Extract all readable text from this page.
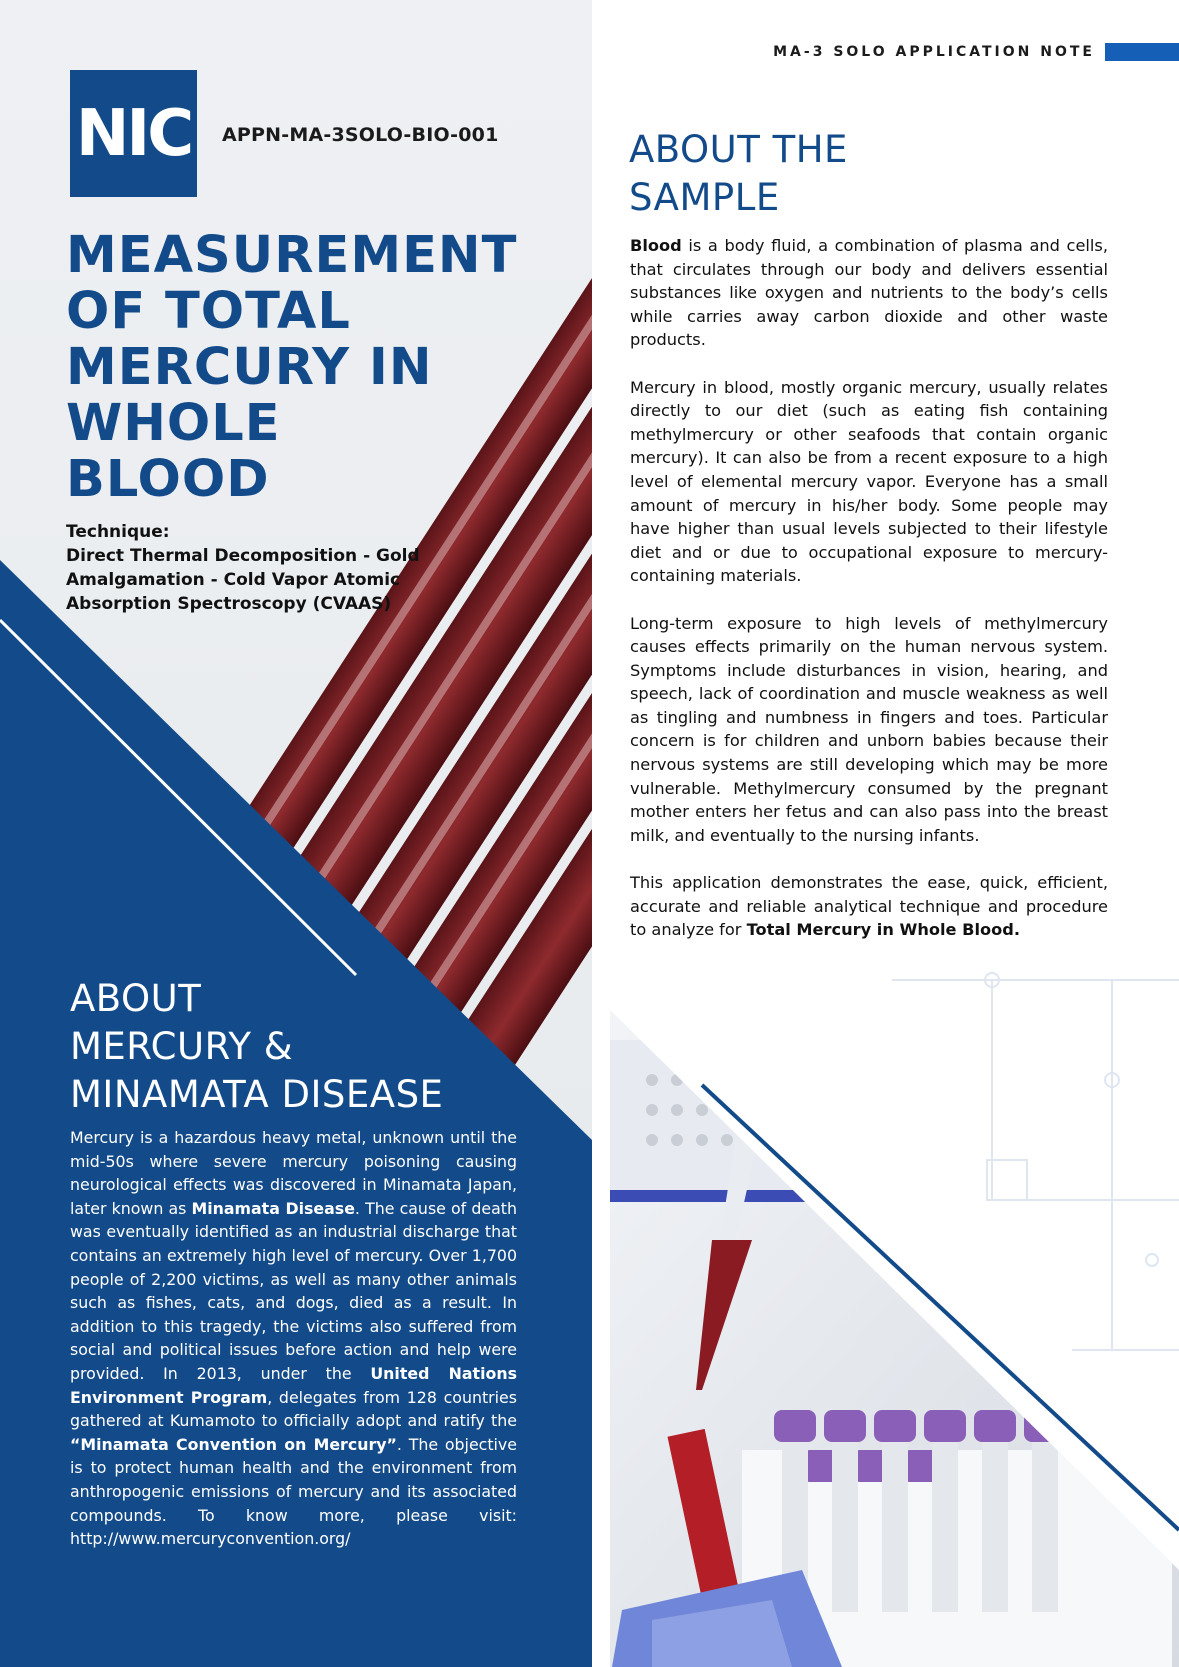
NIC APPN-MA-3SOLO-BIO-001
MEASUREMENT
OF TOTAL
MERCURY IN
WHOLE
BLOOD
Technique:
Direct Thermal Decomposition - Gold
Amalgamation - Cold Vapor Atomic
Absorption Spectroscopy (CVAAS)
ABOUT
MERCURY &
MINAMATA DISEASE

Mercury is a hazardous heavy metal, unknown until the mid-50s where severe mercury poisoning causing neurological effects was discovered in Minamata Japan, later known as Minamata Disease. The cause of death was eventually identified as an industrial discharge that contains an extremely high level of mercury. Over 1,700 people of 2,200 victims, as well as many other animals such as fishes, cats, and dogs, died as a result. In addition to this tragedy, the victims also suffered from social and political issues before action and help were provided. In 2013, under the United Nations Environment Program, delegates from 128 countries gathered at Kumamoto to officially adopt and ratify the “Minamata Convention on Mercury”. The objective is to protect human health and the environment from anthropogenic emissions of mercury and its associated compounds. To know more, please visit: http://www.mercuryconvention.org/

MA-3 SOLO APPLICATION NOTE
ABOUT THE
SAMPLE

Blood is a body fluid, a combination of plasma and cells, that circulates through our body and delivers essential substances like oxygen and nutrients to the body’s cells while carries away carbon dioxide and other waste products.

Mercury in blood, mostly organic mercury, usually relates directly to our diet (such as eating fish containing methylmercury or other seafoods that contain organic mercury). It can also be from a recent exposure to a high level of elemental mercury vapor. Everyone has a small amount of mercury in his/her body. Some people may have higher than usual levels subjected to their lifestyle diet and or due to occupational exposure to mercury-containing materials.

Long-term exposure to high levels of methylmercury causes effects primarily on the human nervous system. Symptoms include disturbances in vision, hearing, and speech, lack of coordination and muscle weakness as well as tingling and numbness in fingers and toes. Particular concern is for children and unborn babies because their nervous systems are still developing which may be more vulnerable. Methylmercury consumed by the pregnant mother enters her fetus and can also pass into the breast milk, and eventually to the nursing infants.

This application demonstrates the ease, quick, efficient, accurate and reliable analytical technique and procedure to analyze for Total Mercury in Whole Blood.
